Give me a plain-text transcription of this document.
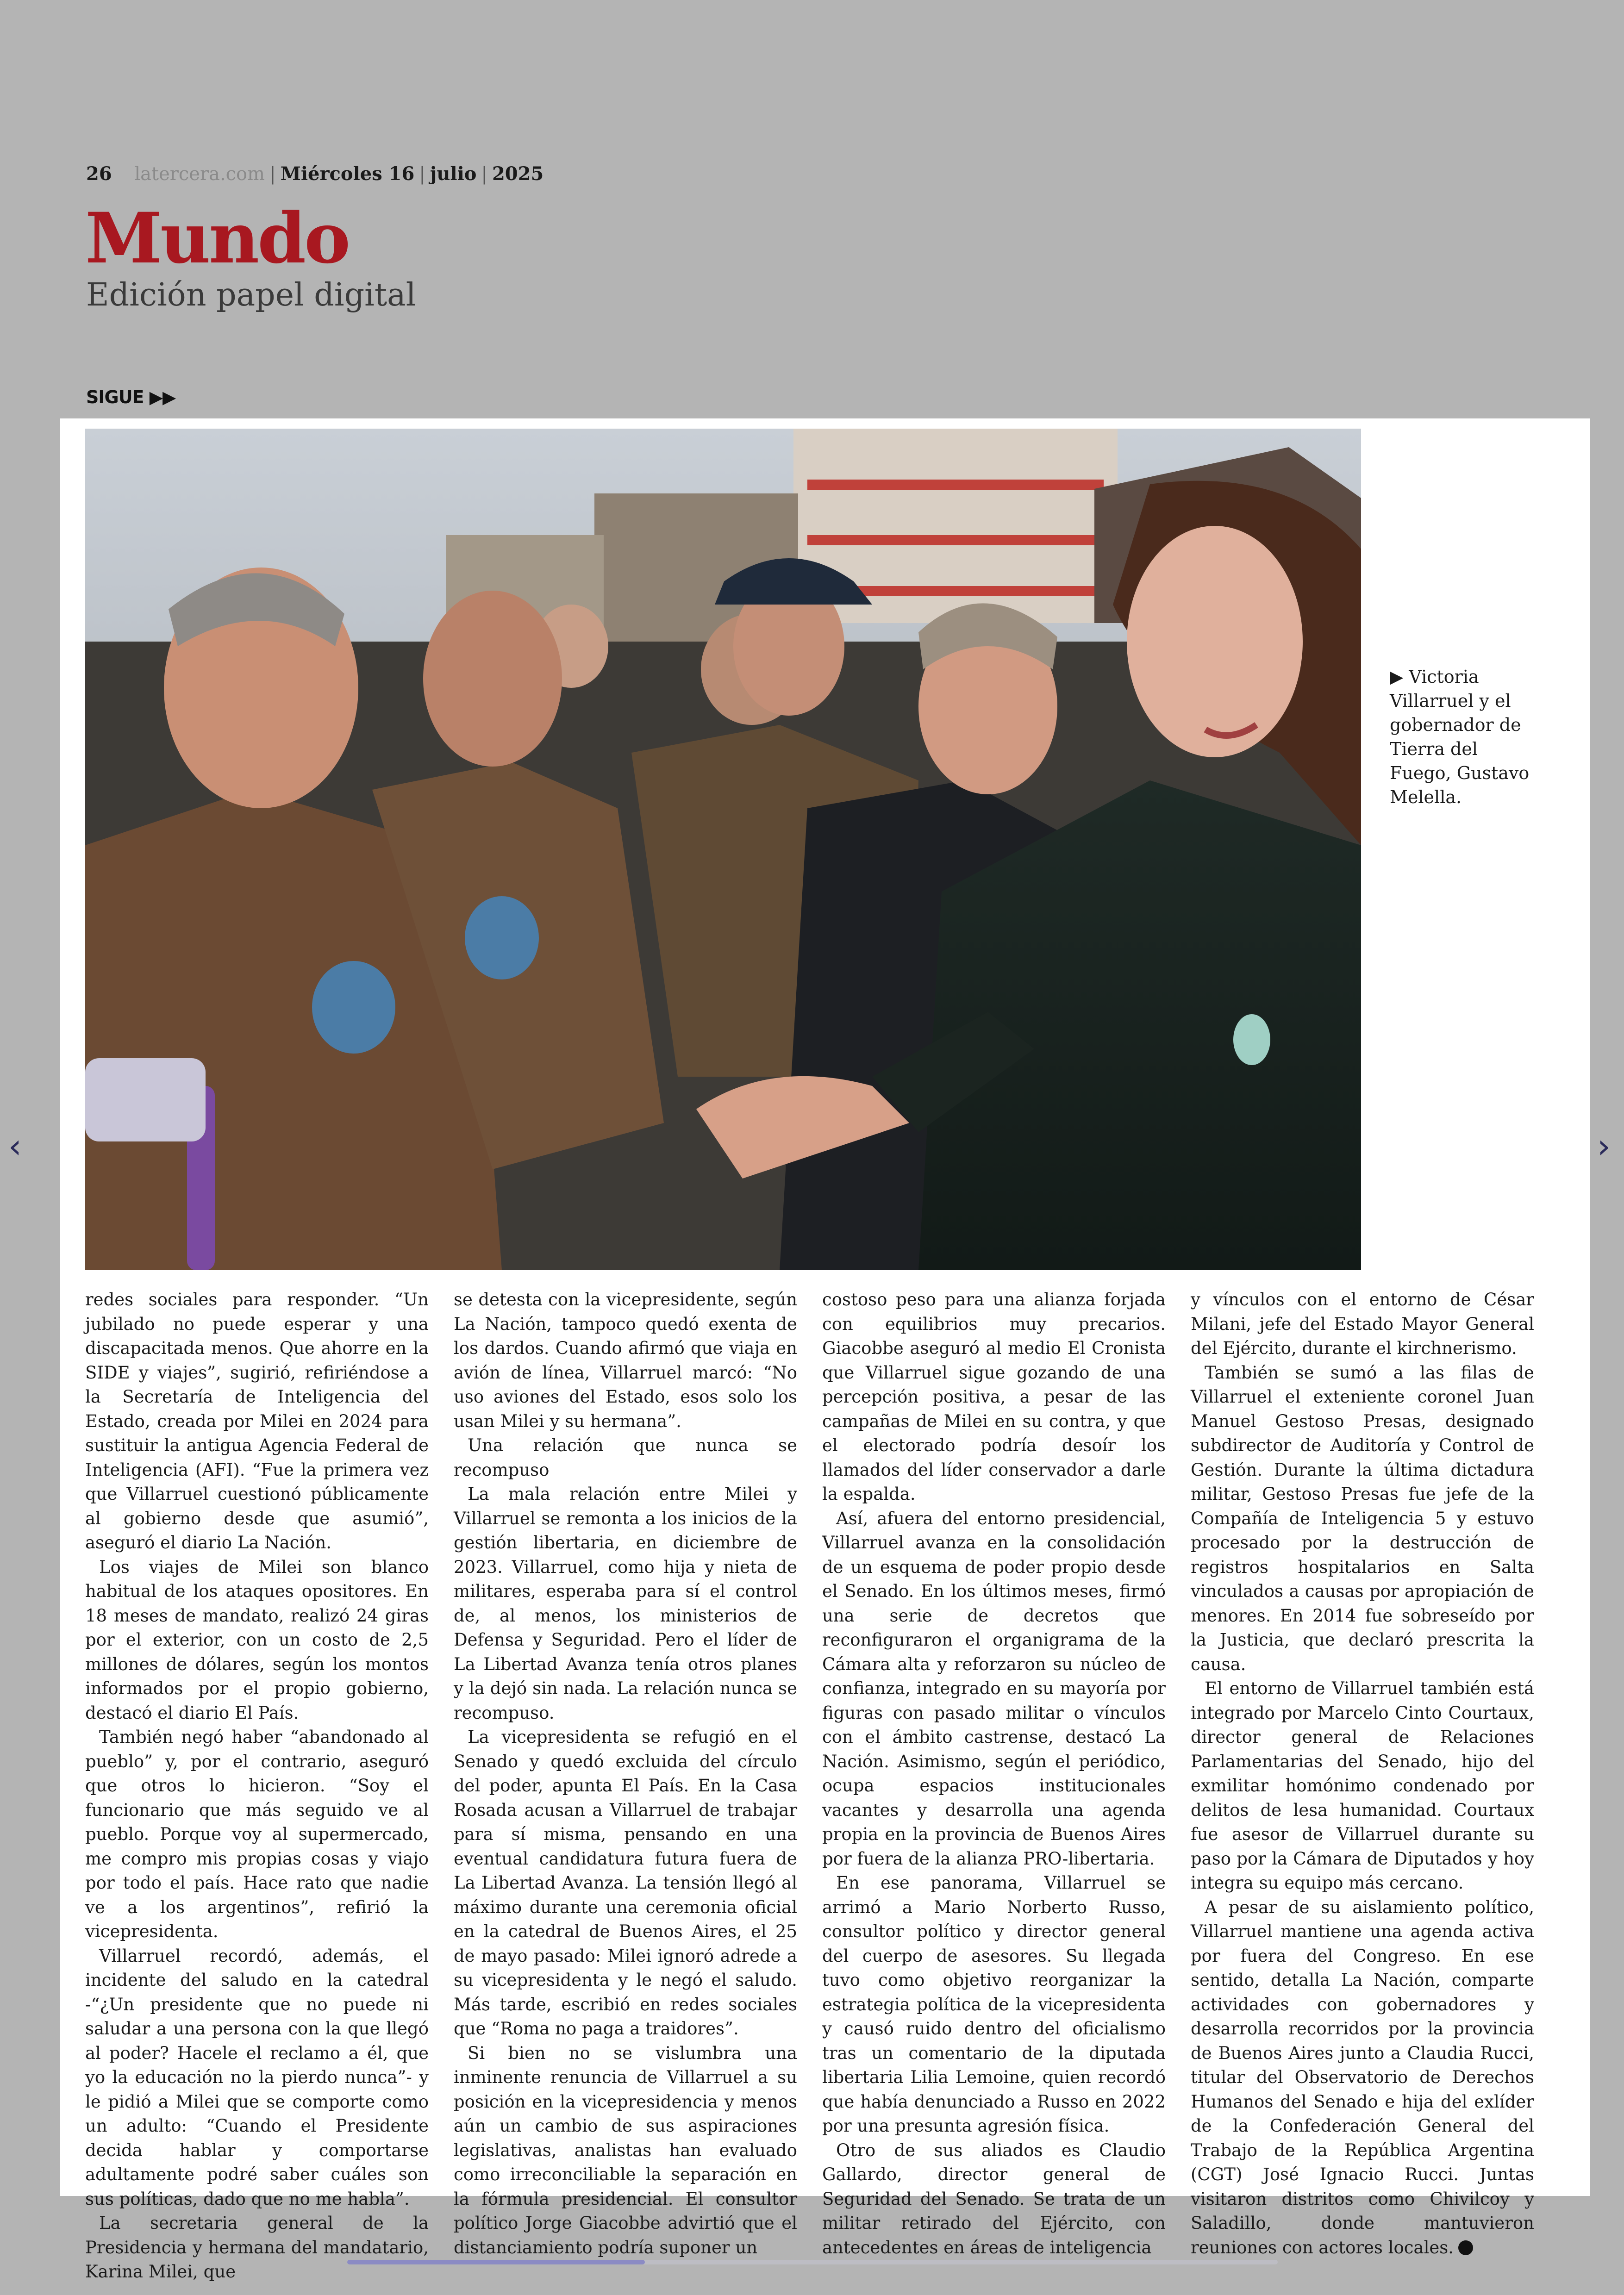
26 latercera.com | Miércoles 16 | julio | 2025
Mundo
Edición papel digital
SIGUE ▶▶
‹	›
▶ Victoria Villarruel y el gobernador de Tierra del Fuego, Gustavo Melella.

redes sociales para responder. “Un jubilado no puede esperar y una discapacitada menos. Que ahorre en la SIDE y viajes”, sugirió, refiriéndose a la Secretaría de Inteligencia del Estado, creada por Milei en 2024 para sustituir la antigua Agencia Federal de Inteligencia (AFI). “Fue la primera vez que Villarruel cuestionó públicamente al gobierno desde que asumió”, aseguró el diario La Nación.

Los viajes de Milei son blanco habitual de los ataques opositores. En 18 meses de mandato, realizó 24 giras por el exterior, con un costo de 2,5 millones de dólares, según los montos informados por el propio gobierno, destacó el diario El País.

También negó haber “abandonado al pueblo” y, por el contrario, aseguró que otros lo hicieron. “Soy el funcionario que más seguido ve al pueblo. Porque voy al supermercado, me compro mis propias cosas y viajo por todo el país. Hace rato que nadie ve a los argentinos”, refirió la vicepresidenta.

Villarruel recordó, además, el incidente del saludo en la catedral -“¿Un presidente que no puede ni saludar a una persona con la que llegó al poder? Hacele el reclamo a él, que yo la educación no la pierdo nunca”- y le pidió a Milei que se comporte como un adulto: “Cuando el Presidente decida hablar y comportarse adultamente podré saber cuáles son sus políticas, dado que no me habla”.

La secretaria general de la Presidencia y hermana del mandatario, Karina Milei, que

se detesta con la vicepresidente, según La Nación, tampoco quedó exenta de los dardos. Cuando afirmó que viaja en avión de línea, Villarruel marcó: “No uso aviones del Estado, esos solo los usan Milei y su hermana”.

Una relación que nunca se recompuso

La mala relación entre Milei y Villarruel se remonta a los inicios de la gestión libertaria, en diciembre de 2023. Villarruel, como hija y nieta de militares, esperaba para sí el control de, al menos, los ministerios de Defensa y Seguridad. Pero el líder de La Libertad Avanza tenía otros planes y la dejó sin nada. La relación nunca se recompuso.

La vicepresidenta se refugió en el Senado y quedó excluida del círculo del poder, apunta El País. En la Casa Rosada acusan a Villarruel de trabajar para sí misma, pensando en una eventual candidatura futura fuera de La Libertad Avanza. La tensión llegó al máximo durante una ceremonia oficial en la catedral de Buenos Aires, el 25 de mayo pasado: Milei ignoró adrede a su vicepresidenta y le negó el saludo. Más tarde, escribió en redes sociales que “Roma no paga a traidores”.

Si bien no se vislumbra una inminente renuncia de Villarruel a su posición en la vicepresidencia y menos aún un cambio de sus aspiraciones legislativas, analistas han evaluado como irreconciliable la separación en la fórmula presidencial. El consultor político Jorge Giacobbe advirtió que el distanciamiento podría suponer un

costoso peso para una alianza forjada con equilibrios muy precarios. Giacobbe aseguró al medio El Cronista que Villarruel sigue gozando de una percepción positiva, a pesar de las campañas de Milei en su contra, y que el electorado podría desoír los llamados del líder conservador a darle la espalda.

Así, afuera del entorno presidencial, Villarruel avanza en la consolidación de un esquema de poder propio desde el Senado. En los últimos meses, firmó una serie de decretos que reconfiguraron el organigrama de la Cámara alta y reforzaron su núcleo de confianza, integrado en su mayoría por figuras con pasado militar o vínculos con el ámbito castrense, destacó La Nación. Asimismo, según el periódico, ocupa espacios institucionales vacantes y desarrolla una agenda propia en la provincia de Buenos Aires por fuera de la alianza PRO-libertaria.

En ese panorama, Villarruel se arrimó a Mario Norberto Russo, consultor político y director general del cuerpo de asesores. Su llegada tuvo como objetivo reorganizar la estrategia política de la vicepresidenta y causó ruido dentro del oficialismo tras un comentario de la diputada libertaria Lilia Lemoine, quien recordó que había denunciado a Russo en 2022 por una presunta agresión física.

Otro de sus aliados es Claudio Gallardo, director general de Seguridad del Senado. Se trata de un militar retirado del Ejército, con antecedentes en áreas de inteligencia

y vínculos con el entorno de César Milani, jefe del Estado Mayor General del Ejército, durante el kirchnerismo.

También se sumó a las filas de Villarruel el exteniente coronel Juan Manuel Gestoso Presas, designado subdirector de Auditoría y Control de Gestión. Durante la última dictadura militar, Gestoso Presas fue jefe de la Compañía de Inteligencia 5 y estuvo procesado por la destrucción de registros hospitalarios en Salta vinculados a causas por apropiación de menores. En 2014 fue sobreseído por la Justicia, que declaró prescrita la causa.

El entorno de Villarruel también está integrado por Marcelo Cinto Courtaux, director general de Relaciones Parlamentarias del Senado, hijo del exmilitar homónimo condenado por delitos de lesa humanidad. Courtaux fue asesor de Villarruel durante su paso por la Cámara de Diputados y hoy integra su equipo más cercano.

A pesar de su aislamiento político, Villarruel mantiene una agenda activa por fuera del Congreso. En ese sentido, detalla La Nación, comparte actividades con gobernadores y desarrolla recorridos por la provincia de Buenos Aires junto a Claudia Rucci, titular del Observatorio de Derechos Humanos del Senado e hija del exlíder de la Confederación General del Trabajo de la República Argentina (CGT) José Ignacio Rucci. Juntas visitaron distritos como Chivilcoy y Saladillo, donde mantuvieron reuniones con actores locales.
